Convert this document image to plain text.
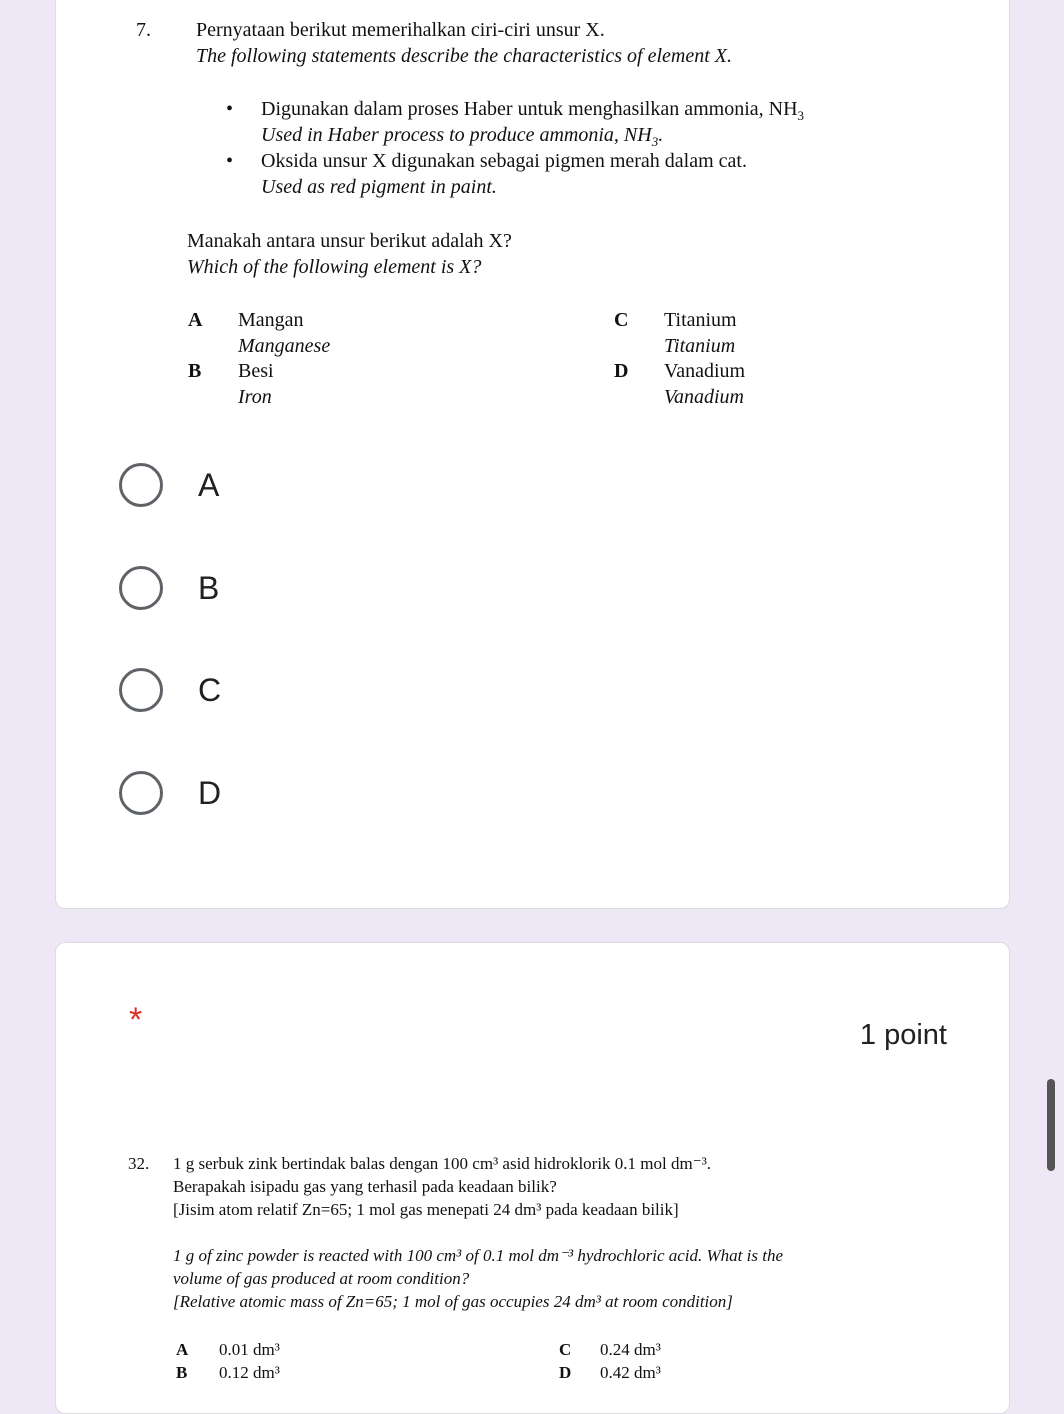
7. Pernyataan berikut memerihalkan ciri-ciri unsur X.
The following statements describe the characteristics of element X.
• Digunakan dalam proses Haber untuk menghasilkan ammonia, $NH_3$
Used in Haber process to produce ammonia, $NH_3$.
• Oksida unsur X digunakan sebagai pigmen merah dalam cat.
Used as red pigment in paint.
Manakah antara unsur berikut adalah X?
Which of the following element is X?
A Mangan
Manganese
B Besi
Iron
C Titanium
Titanium
D Vanadium
Vanadium
A
B
C
D
*	1 point
32. 1 g serbuk zink bertindak balas dengan 100 cm³ asid hidroklorik 0.1 mol dm⁻³.
Berapakah isipadu gas yang terhasil pada keadaan bilik?
[Jisim atom relatif Zn=65; 1 mol gas menepati 24 dm³ pada keadaan bilik]
1 g of zinc powder is reacted with 100 cm³ of 0.1 mol dm⁻³ hydrochloric acid. What is the
volume of gas produced at room condition?
[Relative atomic mass of Zn=65; 1 mol of gas occupies 24 dm³ at room condition]
A 0.01 dm³
B 0.12 dm³
C 0.24 dm³
D 0.42 dm³
